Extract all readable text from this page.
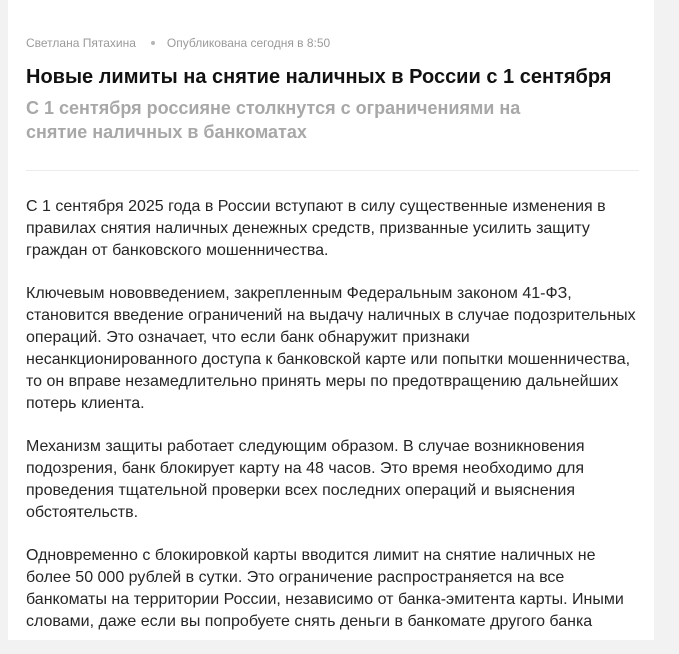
Светлана Пятахина	Опубликована сегодня в 8:50
Новые лимиты на снятие наличных в России с 1 сентября
С 1 сентября россияне столкнутся с ограничениями на снятие наличных в банкоматах

С 1 сентября 2025 года в России вступают в силу существенные изменения в правилах снятия наличных денежных средств, призванные усилить защиту граждан от банковского мошенничества.

Ключевым нововведением, закрепленным Федеральным законом 41-ФЗ, становится введение ограничений на выдачу наличных в случае подозрительных операций. Это означает, что если банк обнаружит признаки несанкционированного доступа к банковской карте или попытки мошенничества, то он вправе незамедлительно принять меры по предотвращению дальнейших потерь клиента.

Механизм защиты работает следующим образом. В случае возникновения подозрения, банк блокирует карту на 48 часов. Это время необходимо для проведения тщательной проверки всех последних операций и выяснения обстоятельств.

Одновременно с блокировкой карты вводится лимит на снятие наличных не более 50 000 рублей в сутки. Это ограничение распространяется на все банкоматы на территории России, независимо от банка-эмитента карты. Иными словами, даже если вы попробуете снять деньги в банкомате другого банка
